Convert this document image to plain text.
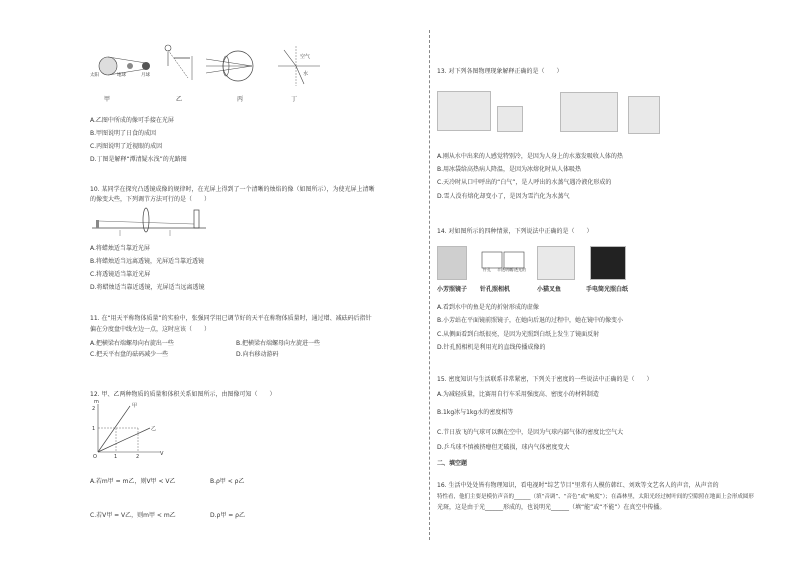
太阳	地球	月球
空气
水
甲	乙	丙	丁
A.乙图中所成的像可手接在光屏
B.甲图说明了日食的成因
C.丙图说明了近视眼的成因
D.丁图是解释“潭清疑水浅”的光路图
10. 某同学在探究凸透镜成像的规律时，在光屏上得到了一个清晰的烛焰的像（如图所示），为使光屏上清晰
的像变大些，下列调节方法可行的是（　　）
A.将蜡烛适当靠近光屏
B.将蜡烛适当远离透镜，光屏适当靠近透镜
C.将透镜适当靠近光屏
D.将蜡烛适当靠近透镜，光屏适当远离透镜
11. 在“用天平称物体质量”的实验中，张强同学用已调节好的天平在称物体质量时，通过增、减砝码后指针
偏在分度盘中线左边一点，这时应该（　　）
A.把横梁右端螺母向右旋出一些	B.把横梁右端螺母向左旋进一些
C.把天平右盘的砝码减少一些	D.向右移动游码
12. 甲、乙两种物质的质量和体积关系如图所示，由图像可知（　　）
m
V
甲
乙
1
2
1	2
O
A.若m甲 = m乙，则V甲 < V乙	B.ρ甲 < ρ乙
C.若V甲 = V乙，则m甲 < m乙	D.ρ甲 = ρ乙
13. 对下列各图物理现象解释正确的是（　　）
A.刚从水中出来的人感觉特别冷，是因为人身上的水蒸发吸收人体的热
B.用冰袋给高热病人降温，是因为冰熔化时从人体吸热
C.天冷时从口中呼出的“白气”，是人呼出的水蒸气遇冷液化形成的
D.雪人没有熔化却变小了，是因为雪汽化为水蒸气
14. 对如图所示的四种情景，下列说法中正确的是（　　）
针孔 半透明纸
半透光的
小芳照镜子 针孔照相机	小猫叉鱼	手电筒光照白纸
A.看到水中的鱼是光的折射形成的虚像
B.小芳站在平面镜前照镜子，在她向后退的过程中，她在镜中的像变小
C.从侧面看到白纸很亮，是因为光照到白纸上发生了镜面反射
D.针孔照相机是利用光的直线传播成像的
15. 密度知识与生活联系非常紧密，下列关于密度的一些说法中正确的是（　　）
A.为减轻质量，比赛用自行车采用强度高、密度小的材料制造
B.1kg冰与1kg水的密度相等
C.节日放飞的气球可以飘在空中，是因为气球内部气体的密度比空气大
D.乒乓球不慎被挤瘪但无破损，球内气体密度变大
二、填空题
16. 生活中处处皆有物理知识，看电视时“综艺节目”里常有人模仿韩红、刘欢等文艺名人的声音，从声音的
特性看，他们主要是模仿声音的______（填“音调”、“音色”或“响度”）；在森林里，太阳光经过树叶间的空隙照在地面上会形成圆形
光斑，这是由于光______形成的，也说明光______（填“能”或“不能”）在真空中传播。
